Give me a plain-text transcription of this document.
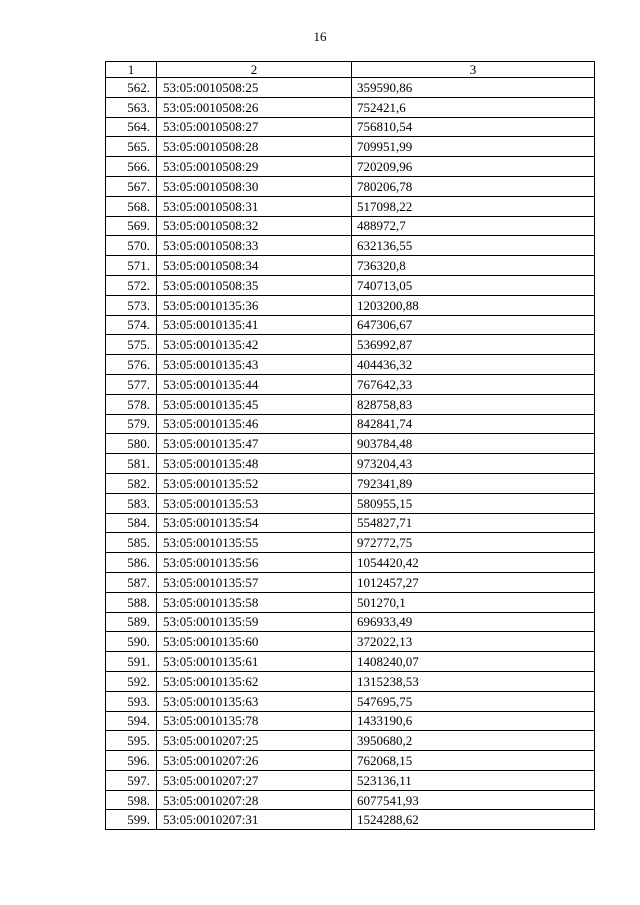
16
1	2	3
562.	53:05:0010508:25	359590,86
563.	53:05:0010508:26	752421,6
564.	53:05:0010508:27	756810,54
565.	53:05:0010508:28	709951,99
566.	53:05:0010508:29	720209,96
567.	53:05:0010508:30	780206,78
568.	53:05:0010508:31	517098,22
569.	53:05:0010508:32	488972,7
570.	53:05:0010508:33	632136,55
571.	53:05:0010508:34	736320,8
572.	53:05:0010508:35	740713,05
573.	53:05:0010135:36	1203200,88
574.	53:05:0010135:41	647306,67
575.	53:05:0010135:42	536992,87
576.	53:05:0010135:43	404436,32
577.	53:05:0010135:44	767642,33
578.	53:05:0010135:45	828758,83
579.	53:05:0010135:46	842841,74
580.	53:05:0010135:47	903784,48
581.	53:05:0010135:48	973204,43
582.	53:05:0010135:52	792341,89
583.	53:05:0010135:53	580955,15
584.	53:05:0010135:54	554827,71
585.	53:05:0010135:55	972772,75
586.	53:05:0010135:56	1054420,42
587.	53:05:0010135:57	1012457,27
588.	53:05:0010135:58	501270,1
589.	53:05:0010135:59	696933,49
590.	53:05:0010135:60	372022,13
591.	53:05:0010135:61	1408240,07
592.	53:05:0010135:62	1315238,53
593.	53:05:0010135:63	547695,75
594.	53:05:0010135:78	1433190,6
595.	53:05:0010207:25	3950680,2
596.	53:05:0010207:26	762068,15
597.	53:05:0010207:27	523136,11
598.	53:05:0010207:28	6077541,93
599.	53:05:0010207:31	1524288,62
